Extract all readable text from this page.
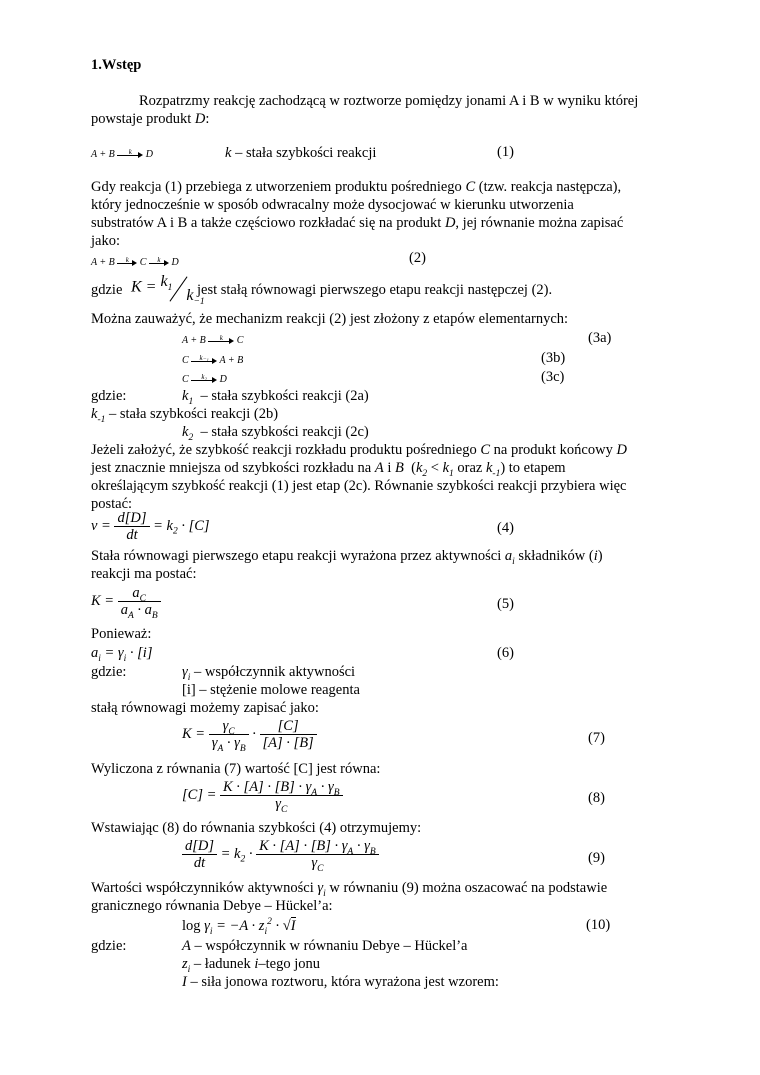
1.Wstęp
Rozpatrzmy reakcję zachodzącą w roztworze pomiędzy jonami A i B w wyniku której
powstaje produkt D:
A + B	k	D	k – stała szybkości reakcji	(1)
Gdy reakcja (1) przebiega z utworzeniem produktu pośredniego C (tzw. reakcja następcza),
który jednocześnie w sposób odwracalny może dysocjować w kierunku utworzenia
substratów A i B a także częściowo rozkładać się na produkt D, jej równanie można zapisać
jako:
A + B	k C	k D	(2)
gdzie $K = k_1$ $k_{-1}$
jest stałą równowagi pierwszego etapu reakcji następczej (2).
Można zauważyć, że mechanizm reakcji (2) jest złożony z etapów elementarnych:
A + B	k	C	(3a)
C	k₋₁ A + B	(3b)
C	k₂	D	(3c)
gdzie:	$k_1$  – stała szybkości reakcji (2a)
$k_{-1}$ – stała szybkości reakcji (2b)
$k_2$  – stała szybkości reakcji (2c)
Jeżeli założyć, że szybkość reakcji rozkładu produktu pośredniego C na produkt końcowy D
jest znacznie mniejsza od szybkości rozkładu na A i B  ($k_2 < k_1$ oraz $k_{-1}$) to etapem
określającym szybkość reakcji (1) jest etap (2c). Równanie szybkości reakcji przybiera więc
postać:
$v = \frac{d[D]}{dt} = k_2 \cdot [C]$	(4)
Stała równowagi pierwszego etapu reakcji wyrażona przez aktywności $a_i$ składników (i)
reakcji ma postać:
$K = \frac{a_C}{a_A \cdot a_B}$	(5)
Ponieważ:
$a_i = \gamma_i \cdot [i]$	(6)
gdzie:	$\gamma_i$ – współczynnik aktywności
[i] – stężenie molowe reagenta
stałą równowagi możemy zapisać jako:
$K = \frac{\gamma_C}{\gamma_A \cdot \gamma_B} \cdot \frac{[C]}{[A] \cdot [B]}$	(7)
Wyliczona z równania (7) wartość [C] jest równa:
$[C] = \frac{K \cdot [A] \cdot [B] \cdot \gamma_A \cdot \gamma_B}{\gamma_C}$	(8)
Wstawiając (8) do równania szybkości (4) otrzymujemy:
$\frac{d[D]}{dt} = k_2 \cdot \frac{K \cdot [A] \cdot [B] \cdot \gamma_A \cdot \gamma_B}{\gamma_C}$	(9)
Wartości współczynników aktywności $\gamma_i$ w równaniu (9) można oszacować na podstawie
granicznego równania Debye – Hückel’a:
$\log \gamma_i = -A \cdot z_i^2 \cdot √I$	(10)
gdzie:	A – współczynnik w równaniu Debye – Hückel’a
$z_i$ – ładunek i–tego jonu
I – siła jonowa roztworu, która wyrażona jest wzorem:
